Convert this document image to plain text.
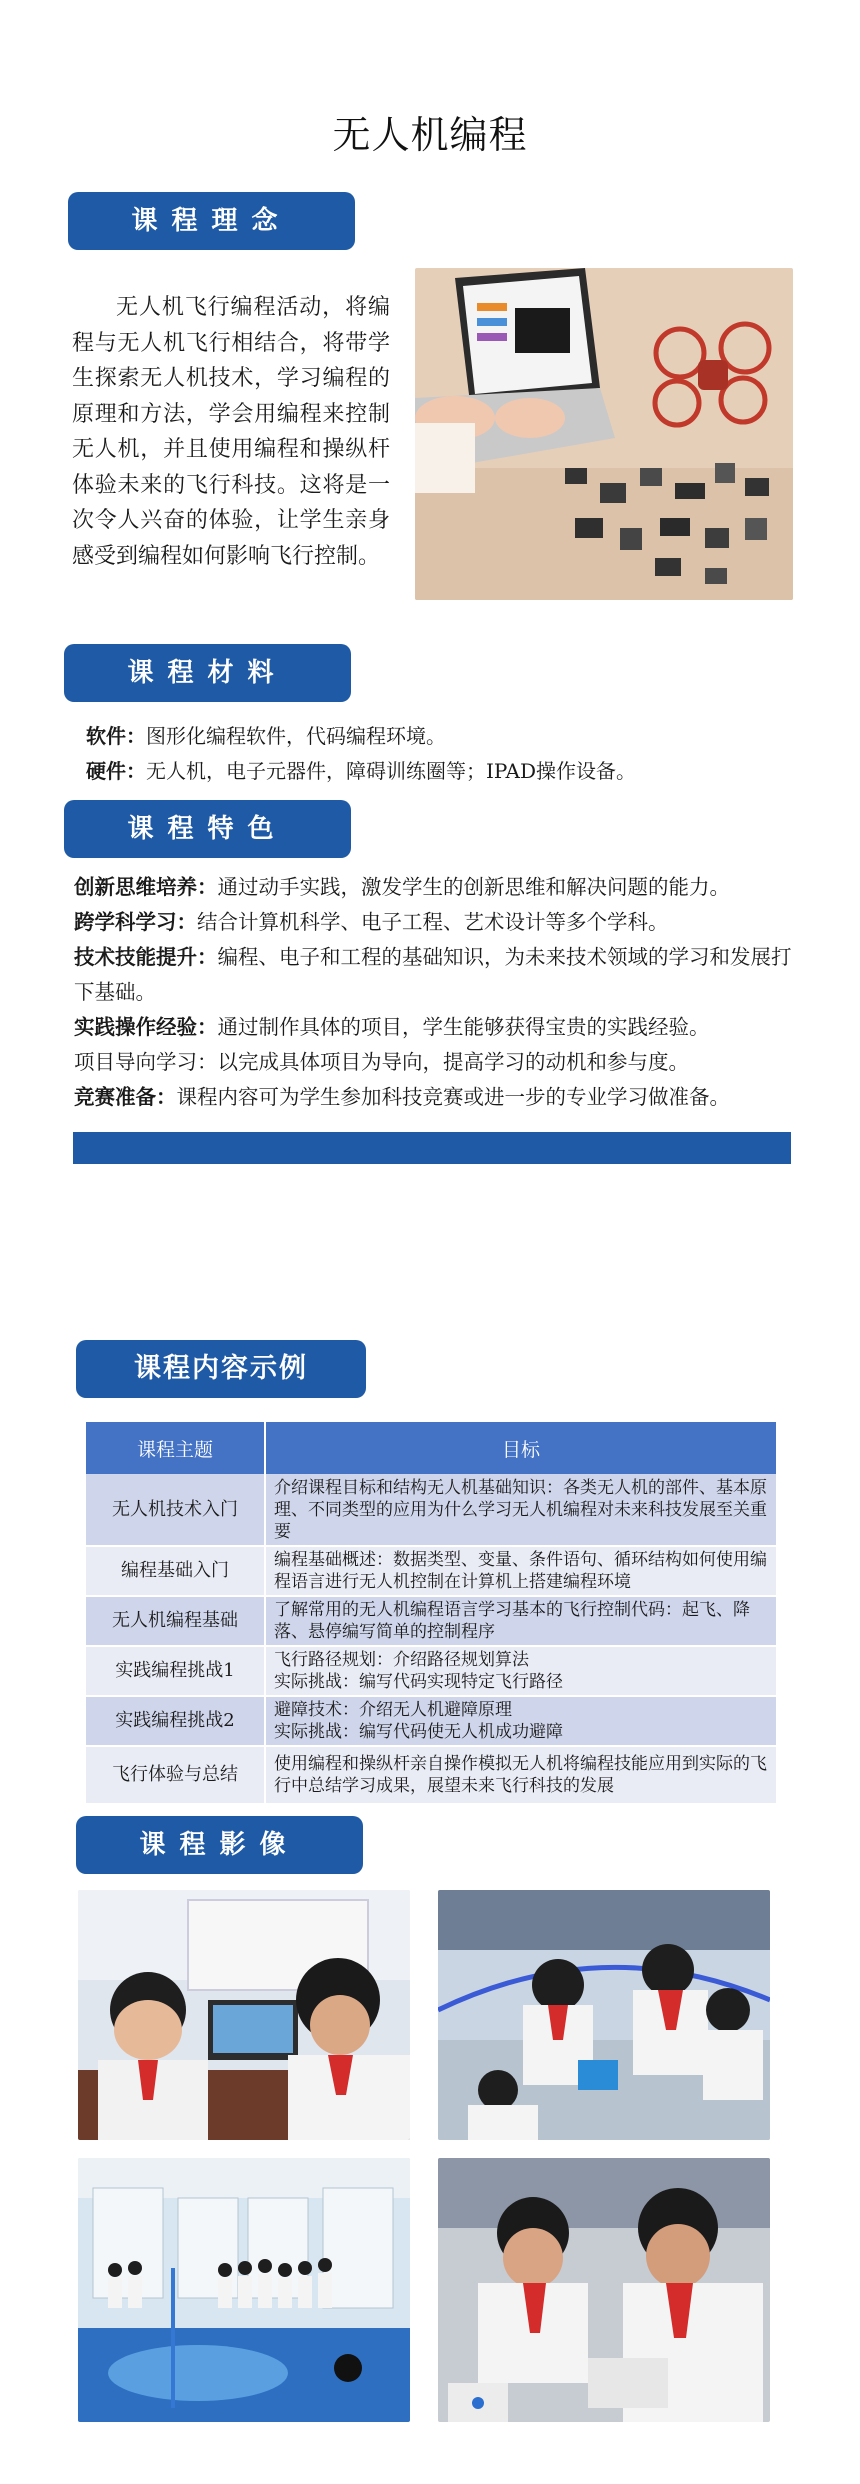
无人机编程
课程理念
无人机飞行编程活动，将编程与无人机飞行相结合，将带学生探索无人机技术，学习编程的原理和方法，学会用编程来控制无人机，并且使用编程和操纵杆体验未来的飞行科技。这将是一次令人兴奋的体验，让学生亲身感受到编程如何影响飞行控制。
课程材料
软件：图形化编程软件，代码编程环境。
硬件：无人机，电子元器件，障碍训练圈等；IPAD操作设备。
课程特色

创新思维培养：通过动手实践，激发学生的创新思维和解决问题的能力。

跨学科学习：结合计算机科学、电子工程、艺术设计等多个学科。

技术技能提升：编程、电子和工程的基础知识，为未来技术领域的学习和发展打下基础。

实践操作经验：通过制作具体的项目，学生能够获得宝贵的实践经验。

项目导向学习：以完成具体项目为导向，提高学习的动机和参与度。

竞赛准备：课程内容可为学生参加科技竞赛或进一步的专业学习做准备。

课程内容示例
课程主题	目标
无人机技术入门	介绍课程目标和结构无人机基础知识：各类无人机的部件、基本原理、不同类型的应用为什么学习无人机编程对未来科技发展至关重要
编程基础入门	编程基础概述：数据类型、变量、条件语句、循环结构如何使用编程语言进行无人机控制在计算机上搭建编程环境
无人机编程基础	了解常用的无人机编程语言学习基本的飞行控制代码：起飞、降落、悬停编写简单的控制程序
实践编程挑战1	飞行路径规划：介绍路径规划算法
实际挑战：编写代码实现特定飞行路径
实践编程挑战2	避障技术：介绍无人机避障原理
实际挑战：编写代码使无人机成功避障
飞行体验与总结	使用编程和操纵杆亲自操作模拟无人机将编程技能应用到实际的飞行中总结学习成果，展望未来飞行科技的发展
课程影像
